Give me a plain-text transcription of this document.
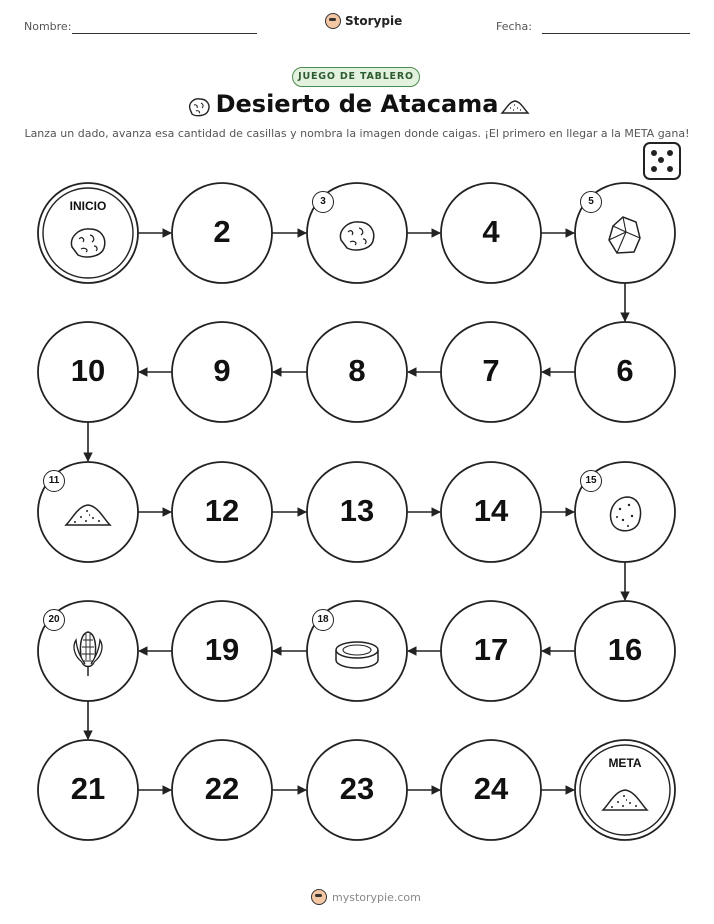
Nombre:	Storypie	Fecha:
JUEGO DE TABLERO
Desierto de Atacama
Lanza un dado, avanza esa cantidad de casillas y nombra la imagen donde caigas. ¡El primero en llegar a la META gana!
INICIO
2
3
4
5
6
7
8
9
10
11
12	13	14
15
16
17
18
19
20
21	22	23	24
META
mystorypie.com
